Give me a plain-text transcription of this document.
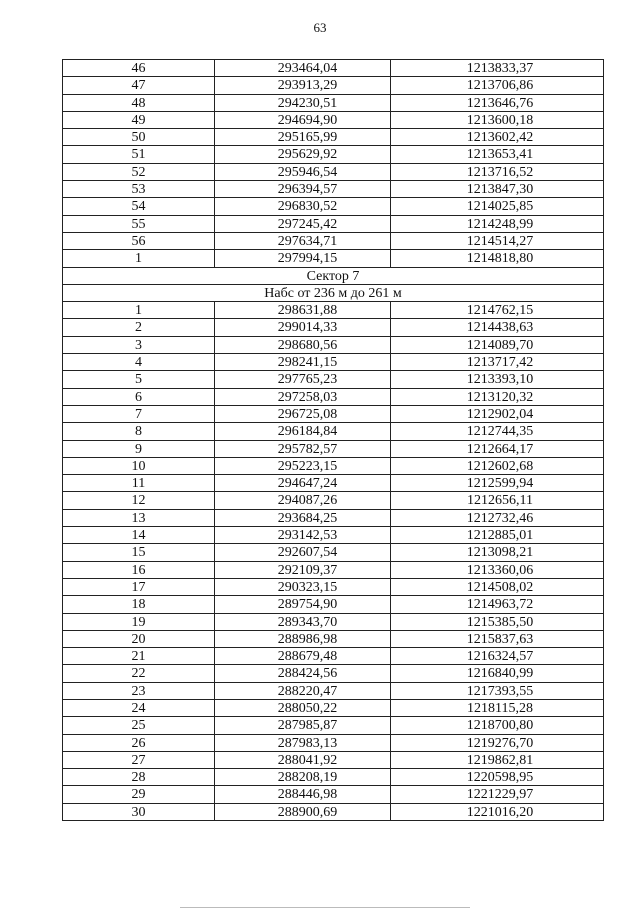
63
46	293464,04	1213833,37
47	293913,29	1213706,86
48	294230,51	1213646,76
49	294694,90	1213600,18
50	295165,99	1213602,42
51	295629,92	1213653,41
52	295946,54	1213716,52
53	296394,57	1213847,30
54	296830,52	1214025,85
55	297245,42	1214248,99
56	297634,71	1214514,27
1	297994,15	1214818,80
Сектор 7
Набс от 236 м до 261 м
1	298631,88	1214762,15
2	299014,33	1214438,63
3	298680,56	1214089,70
4	298241,15	1213717,42
5	297765,23	1213393,10
6	297258,03	1213120,32
7	296725,08	1212902,04
8	296184,84	1212744,35
9	295782,57	1212664,17
10	295223,15	1212602,68
11	294647,24	1212599,94
12	294087,26	1212656,11
13	293684,25	1212732,46
14	293142,53	1212885,01
15	292607,54	1213098,21
16	292109,37	1213360,06
17	290323,15	1214508,02
18	289754,90	1214963,72
19	289343,70	1215385,50
20	288986,98	1215837,63
21	288679,48	1216324,57
22	288424,56	1216840,99
23	288220,47	1217393,55
24	288050,22	1218115,28
25	287985,87	1218700,80
26	287983,13	1219276,70
27	288041,92	1219862,81
28	288208,19	1220598,95
29	288446,98	1221229,97
30	288900,69	1221016,20
